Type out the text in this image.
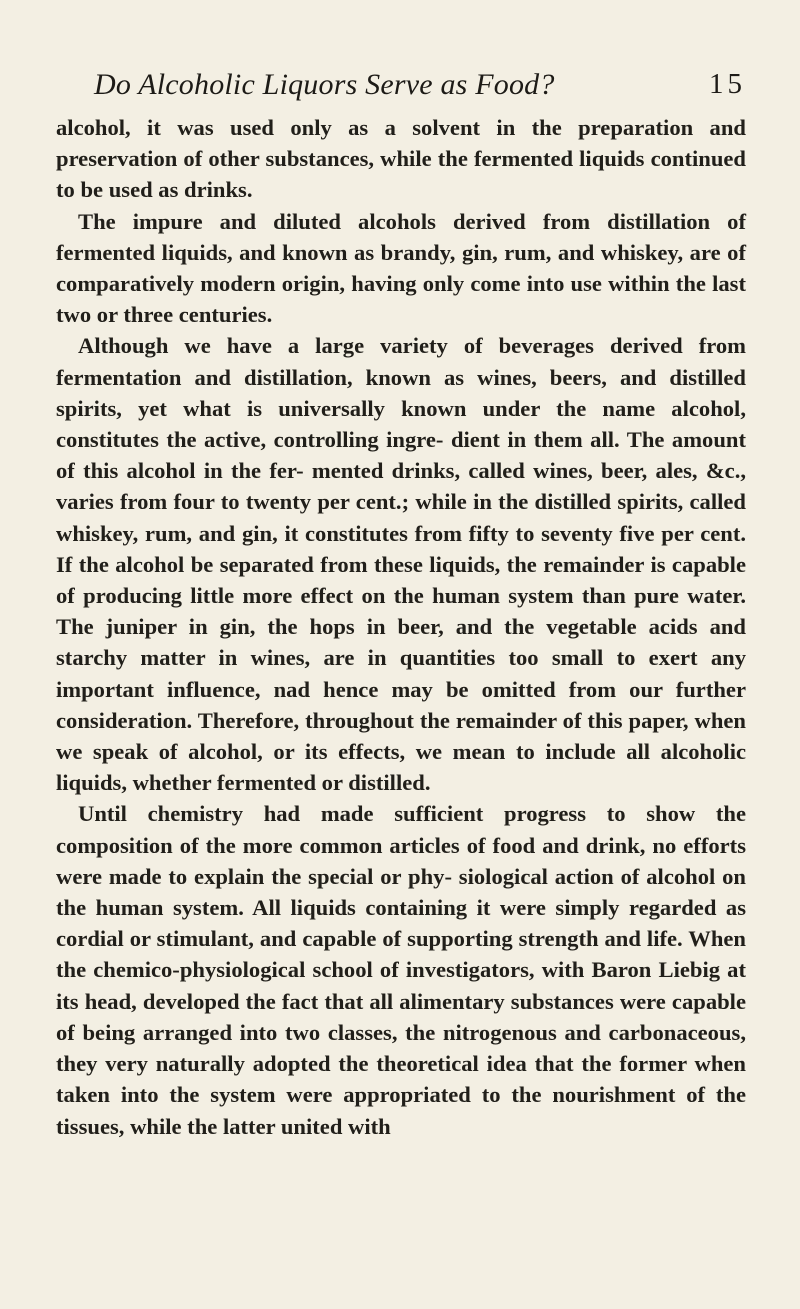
Do Alcoholic Liquors Serve as Food?	15

alcohol, it was used only as a solvent in the preparation and preservation of other substances, while the fermented liquids continued to be used as drinks.

The impure and diluted alcohols derived from distillation of fermented liquids, and known as brandy, gin, rum, and whiskey, are of comparatively modern origin, having only come into use within the last two or three centuries.

Although we have a large variety of beverages derived from fermentation and distillation, known as wines, beers, and distilled spirits, yet what is universally known under the name alcohol, constitutes the active, controlling ingre- dient in them all. The amount of this alcohol in the fer- mented drinks, called wines, beer, ales, &c., varies from four to twenty per cent.; while in the distilled spirits, called whiskey, rum, and gin, it constitutes from fifty to seventy five per cent. If the alcohol be separated from these liquids, the remainder is capable of producing little more effect on the human system than pure water. The juniper in gin, the hops in beer, and the vegetable acids and starchy matter in wines, are in quantities too small to exert any important influence, nad hence may be omitted from our further consideration. Therefore, throughout the remainder of this paper, when we speak of alcohol, or its effects, we mean to include all alcoholic liquids, whether fermented or distilled.

Until chemistry had made sufficient progress to show the composition of the more common articles of food and drink, no efforts were made to explain the special or phy- siological action of alcohol on the human system. All liquids containing it were simply regarded as cordial or stimulant, and capable of supporting strength and life. When the chemico-physiological school of investigators, with Baron Liebig at its head, developed the fact that all alimentary substances were capable of being arranged into two classes, the nitrogenous and carbonaceous, they very naturally adopted the theoretical idea that the former when taken into the system were appropriated to the nourishment of the tissues, while the latter united with
